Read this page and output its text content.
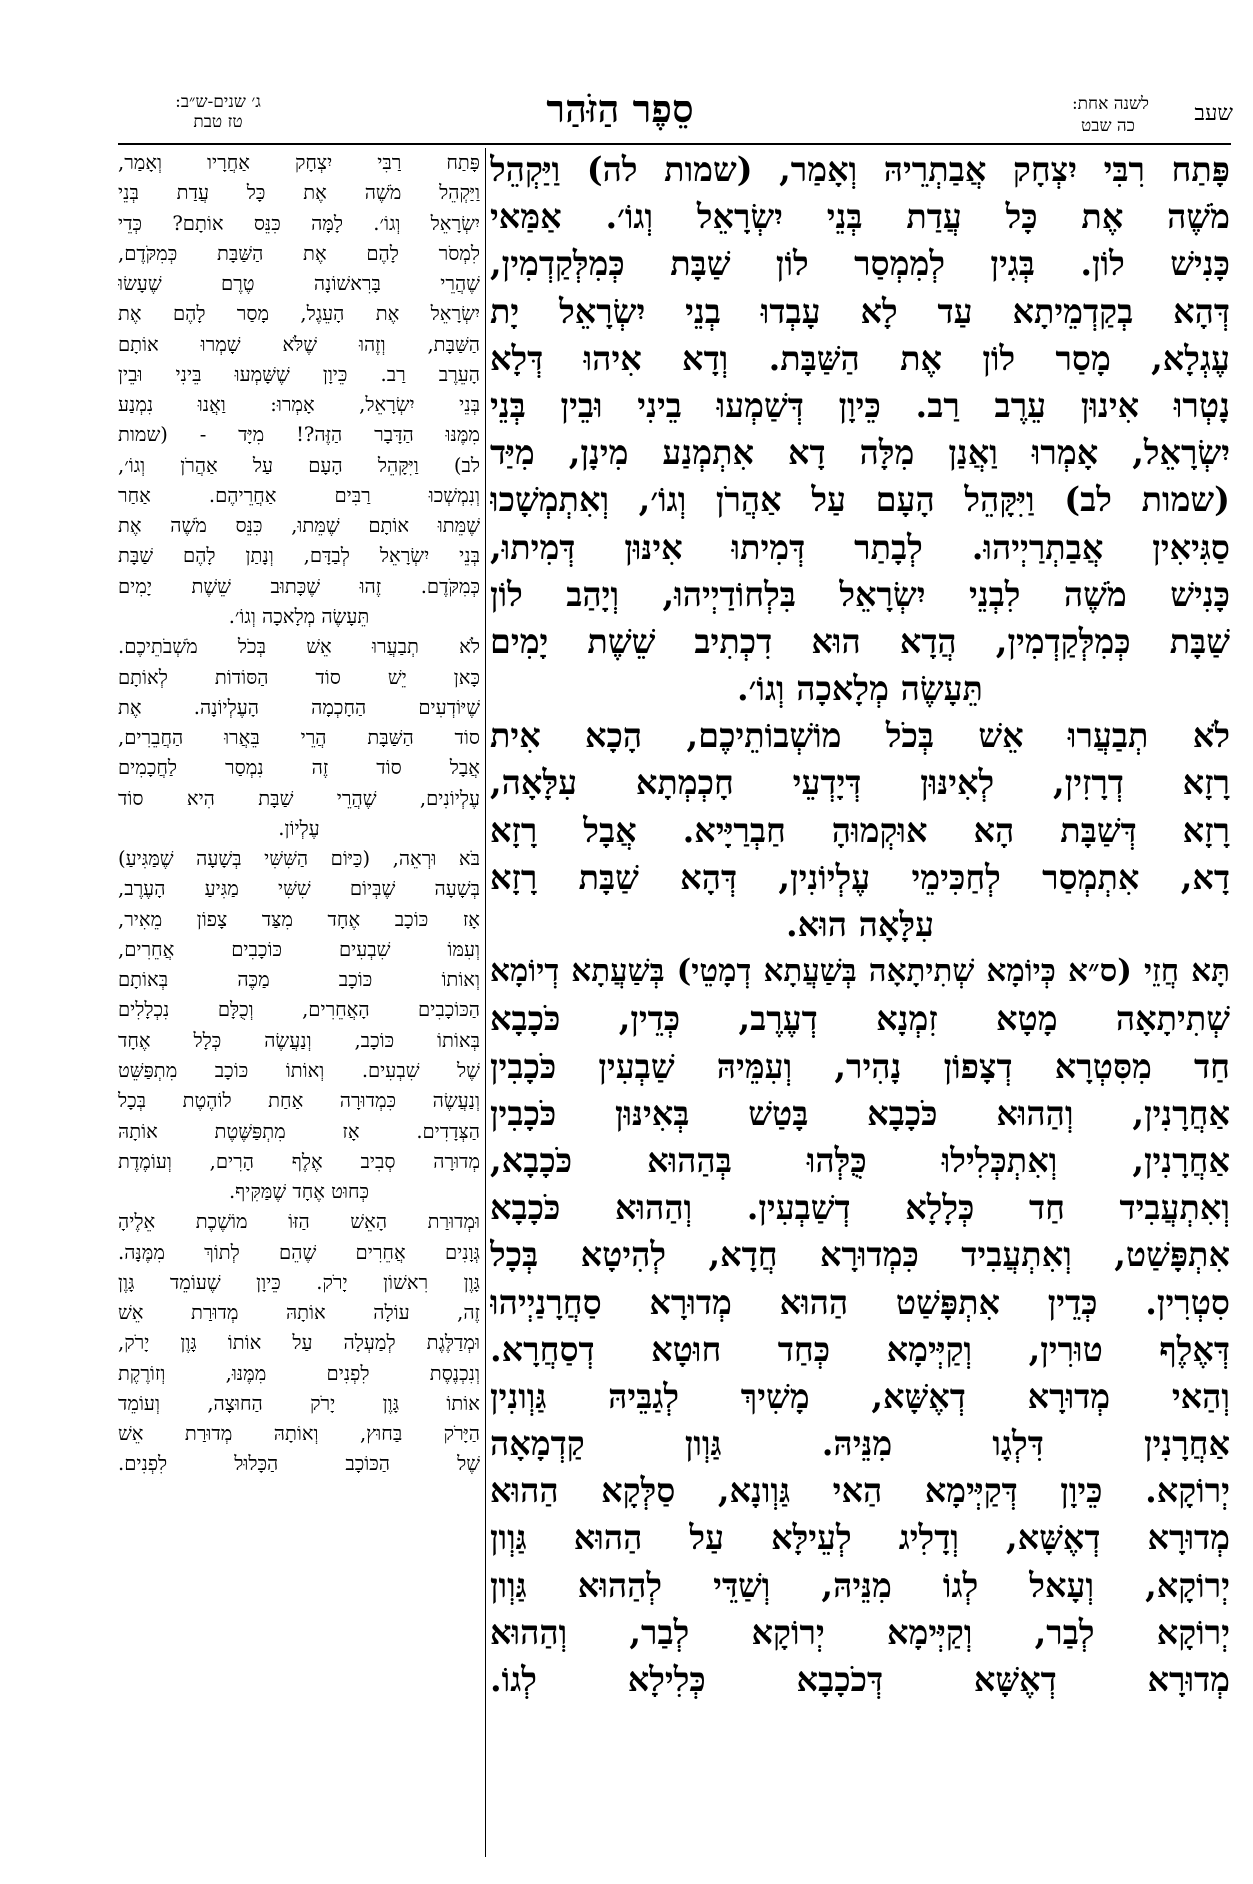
שעב
לשנה אחת:
כה שבט
סֵפֶר הַזֹּהַר
ג׳ שנים-ש״ב:
טז טבת
פָּתַח רִבִּי יִצְחָק אֲבַתְרֵיהּ וְאָמַר, (שמות לה) וַיַּקְהֵל
מֹשֶׁה אֶת כָּל עֲדַת בְּנֵי יִשְׂרָאֵל וְגוֹ׳. אַמַּאי
כָּנִישׁ לוֹן. בְּגִין לְמִמְסַר לוֹן שַׁבָּת כְּמִלְּקַדְמִין,
דְּהָא בְקַדְמֵיתָא עַד לָא עָבְדוּ בְנֵי יִשְׂרָאֵל יָת
עֶגְלָא, מָסַר לוֹן אֶת הַשַּׁבָּת. וְדָא אִיהוּ דְּלָא
נָטְרוּ אִינוּן עֵרֶב רַב. כֵּיוָן דְּשַׁמְעוּ בֵינִי וּבֵין בְּנֵי
יִשְׂרָאֵל, אָמְרוּ וַאֲנַן מִלָּה דָא אִתְמְנַע מִינָן, מִיַּד
(שמות לב) וַיִּקָּהֵל הָעָם עַל אַהֲרֹן וְגוֹ׳, וְאִתְמְשָׁכוּ
סַגִּיאִין אֲבַתְרַיְיהוּ. לְבָתַר דְּמִיתוּ אִינּוּן דְּמִיתוּ,
כָּנִישׁ מֹשֶׁה לִבְנֵי יִשְׂרָאֵל בִּלְחוֹדַיְיהוּ, וְיָהַב לוֹן
שַׁבָּת כְּמִלְּקַדְמִין, הֲדָא הוּא דִכְתִיב שֵׁשֶׁת יָמִים
תֵּעָשֶׂה מְלָאכָה וְגוֹ׳.
לֹא תְבַעֲרוּ אֵשׁ בְּכֹל מוֹשְׁבוֹתֵיכֶם, הָכָא אִית
רָזָא דְרָזִין, לְאִינּוּן דְּיָדְעֵי חָכְמְתָא עִלָּאָה,
רָזָא דְּשַׁבָּת הָא אוּקְמוּהָ חַבְרַיָּיא. אֲבָל רָזָא
דָא, אִתְמְסַר לְחַכִּימֵי עֶלְיוֹנִין, דְּהָא שַׁבָּת רָזָא
עִלָּאָה הוּא.
תָּא חֲזֵי (ס״א כְּיוֹמָא שְׁתִיתָאָה בְּשַׁעֲתָא דְמָטֵי) בְּשַׁעֲתָא דְיוֹמָא
שְׁתִיתָאָה מָטָא זִמְנָא דְעֶרֶב, כְּדֵין, כֹּכָבָא
חַד מִסִּטְרָא דְצָפוֹן נָהִיר, וְעִמֵּיהּ שַׁבְעִין כֹּכָבִין
אַחֲרָנִין, וְהַהוּא כֹּכָבָא בָּטַשׁ בְּאִינּוּן כֹּכָבִין
אַחֲרָנִין, וְאִתְכְּלִילוּ כֻּלְּהוּ בְּהַהוּא כֹּכָבָא,
וְאִתְעֲבִיד חַד כְּלָלָא דְשַׁבְעִין. וְהַהוּא כֹּכָבָא
אִתְפָּשַׁט, וְאִתְעֲבִיד כִּמְדוּרָא חֲדָא, לְהִיטָא בְּכָל
סִטְרִין. כְּדֵין אִתְפָּשַׁט הַהוּא מְדוּרָא סַחֲרָנַיְיהוּ
דְּאֶלֶף טוּרִין, וְקַיְּימָא כְּחַד חוּטָא דְסַחֲרָא.
וְהַאי מְדוּרָא דְאֶשָּׁא, מָשִׁיךְ לְגַבֵּיהּ גַּוְונִין
אַחֲרָנִין דִּלְגָו מִנֵּיהּ. גַּוְון קַדְמָאָה
יְרוֹקָא. כֵּיוָן דְּקַיְּימָא הַאי גַּוְונָא, סַלְּקָא הַהוּא
מְדוּרָא דְאֶשָּׁא, וְדָלִיג לְעֵילָּא עַל הַהוּא גַּוְון
יְרוֹקָא, וְעָאל לְגוֹ מִנֵּיהּ, וְשַׁדֵּי לְהַהוּא גַּוְון
יְרוֹקָא לְבַר, וְקַיְּימָא יְרוֹקָא לְבַר, וְהַהוּא
מְדוּרָא דְאֶשָּׁא דְּכֹכָבָא כְּלִילָא לְגוֹ.
פָּתַח רַבִּי יִצְחָק אַחֲרָיו וְאָמַר,
וַיַּקְהֵל מֹשֶׁה אֶת כָּל עֲדַת בְּנֵי
יִשְׂרָאֵל וְגוֹ׳. לָמָּה כִּנֵּס אוֹתָם? כְּדֵי
לִמְסֹר לָהֶם אֶת הַשַּׁבָּת כְּמִקֹּדֶם,
שֶׁהֲרֵי בָּרִאשׁוֹנָה טֶרֶם שֶׁעָשׂוּ
יִשְׂרָאֵל אֶת הָעֵגֶל, מָסַר לָהֶם אֶת
הַשַּׁבָּת, וְזֶהוּ שֶׁלֹּא שָׁמְרוּ אוֹתָם
הָעֵרֶב רַב. כֵּיוָן שֶׁשָּׁמְעוּ בֵּינִי וּבֵין
בְּנֵי יִשְׂרָאֵל, אָמְרוּ: וַאֲנוּ נִמְנַע
מִמֶּנּוּ הַדָּבָר הַזֶּה?! מִיָּד - (שמות
לב) וַיִּקָּהֵל הָעָם עַל אַהֲרֹן וְגוֹ׳,
וְנִמְשְׁכוּ רַבִּים אַחֲרֵיהֶם. אַחַר
שֶׁמֵּתוּ אוֹתָם שֶׁמֵּתוּ, כִּנֵּס מֹשֶׁה אֶת
בְּנֵי יִשְׂרָאֵל לְבַדָּם, וְנָתַן לָהֶם שַׁבָּת
כְּמִקֹּדֶם. זֶהוּ שֶׁכָּתוּב שֵׁשֶׁת יָמִים
תֵּעָשֶׂה מְלָאכָה וְגוֹ׳.
לֹא תְבַעֲרוּ אֵשׁ בְּכֹל מֹשְׁבֹתֵיכֶם.
כָּאן יֵשׁ סוֹד הַסּוֹדוֹת לְאוֹתָם
שֶׁיּוֹדְעִים הַחָכְמָה הָעֶלְיוֹנָה. אֶת
סוֹד הַשַּׁבָּת הֲרֵי בֵּאֲרוּ הַחֲבֵרִים,
אֲבָל סוֹד זֶה נִמְסַר לַחֲכָמִים
עֶלְיוֹנִים, שֶׁהֲרֵי שַׁבָּת הִיא סוֹד
עֶלְיוֹן.
בֹּא וּרְאֵה, (כַּיּוֹם הַשִּׁשִּׁי בְּשָׁעָה שֶׁמַּגִּיעַ)
בְּשָׁעָה שֶׁבְּיוֹם שִׁשִּׁי מַגִּיעַ הָעֶרֶב,
אָז כּוֹכָב אֶחָד מִצַּד צָפוֹן מֵאִיר,
וְעִמּוֹ שִׁבְעִים כּוֹכָבִים אֲחֵרִים,
וְאוֹתוֹ כּוֹכָב מַכֶּה בְּאוֹתָם
הַכּוֹכָבִים הָאֲחֵרִים, וְכֻלָּם נִכְלָלִים
בְּאוֹתוֹ כּוֹכָב, וְנַעֲשֶׂה כְּלָל אֶחָד
שֶׁל שִׁבְעִים. וְאוֹתוֹ כּוֹכָב מִתְפַּשֵּׁט
וְנַעֲשֶׂה כִּמְדוּרָה אַחַת לוֹהֶטֶת בְּכָל
הַצְּדָדִים. אָז מִתְפַּשֶּׁטֶת אוֹתָהּ
מְדוּרָה סְבִיב אֶלֶף הָרִים, וְעוֹמֶדֶת
כְּחוּט אֶחָד שֶׁמַּקִּיף.
וּמְדוּרַת הָאֵשׁ הַזּוֹ מוֹשֶׁכֶת אֵלֶיהָ
גְּוָנִים אֲחֵרִים שֶׁהֵם לְתוֹךְ מִמֶּנָּה.
גָּוֶן רִאשׁוֹן יָרֹק. כֵּיוָן שֶׁעוֹמֵד גָּוֶן
זֶה, עוֹלָה אוֹתָהּ מְדוּרַת אֵשׁ
וּמְדַלֶּגֶת לְמַעְלָה עַל אוֹתוֹ גָּוֶן יָרֹק,
וְנִכְנֶסֶת לִפְנִים מִמֶּנּוּ, וְזוֹרֶקֶת
אוֹתוֹ גָּוֶן יָרֹק הַחוּצָה, וְעוֹמֵד
הַיָּרֹק בַּחוּץ, וְאוֹתָהּ מְדוּרַת אֵשׁ
שֶׁל הַכּוֹכָב הַכָּלוּל לִפְנִים.
